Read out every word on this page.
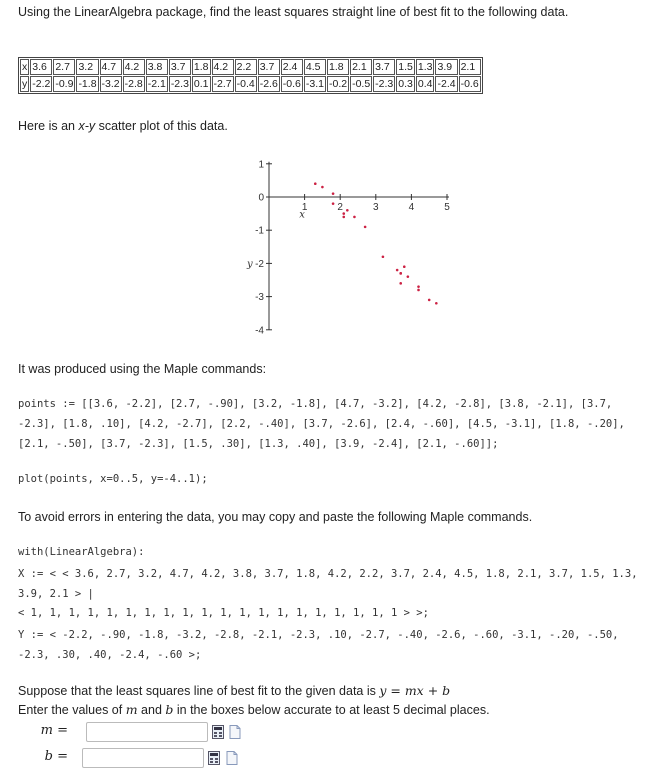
Using the LinearAlgebra package, find the least squares straight line of best fit to the following data.
x	3.6	2.7	3.2	4.7	4.2	3.8	3.7	1.8	4.2	2.2	3.7	2.4	4.5	1.8	2.1	3.7	1.5	1.3	3.9	2.1
y	-2.2	-0.9	-1.8	-3.2	-2.8	-2.1	-2.3	0.1	-2.7	-0.4	-2.6	-0.6	-3.1	-0.2	-0.5	-2.3	0.3	0.4	-2.4	-0.6
Here is an x-y scatter plot of this data.
1	2	3	4	5
1
0
-1
-2
-3
-4
x
y
It was produced using the Maple commands:
points := [[3.6, -2.2], [2.7, -.90], [3.2, -1.8], [4.7, -3.2], [4.2, -2.8], [3.8, -2.1], [3.7, -2.3], [1.8, .10], [4.2, -2.7], [2.2, -.40], [3.7, -2.6], [2.4, -.60], [4.5, -3.1], [1.8, -.20], [2.1, -.50], [3.7, -2.3], [1.5, .30], [1.3, .40], [3.9, -2.4], [2.1, -.60]];
plot(points, x=0..5, y=-4..1);
To avoid errors in entering the data, you may copy and paste the following Maple commands.
with(LinearAlgebra):
X := < < 3.6, 2.7, 3.2, 4.7, 4.2, 3.8, 3.7, 1.8, 4.2, 2.2, 3.7, 2.4, 4.5, 1.8, 2.1, 3.7, 1.5, 1.3, 3.9, 2.1 > |
< 1, 1, 1, 1, 1, 1, 1, 1, 1, 1, 1, 1, 1, 1, 1, 1, 1, 1, 1, 1 > >;
Y := < -2.2, -.90, -1.8, -3.2, -2.8, -2.1, -2.3, .10, -2.7, -.40, -2.6, -.60, -3.1, -.20, -.50, -2.3, .30, .40, -2.4, -.60 >;
Suppose that the least squares line of best fit to the given data is y = mx + b
Enter the values of m and b in the boxes below accurate to at least 5 decimal places.
m =
b =
